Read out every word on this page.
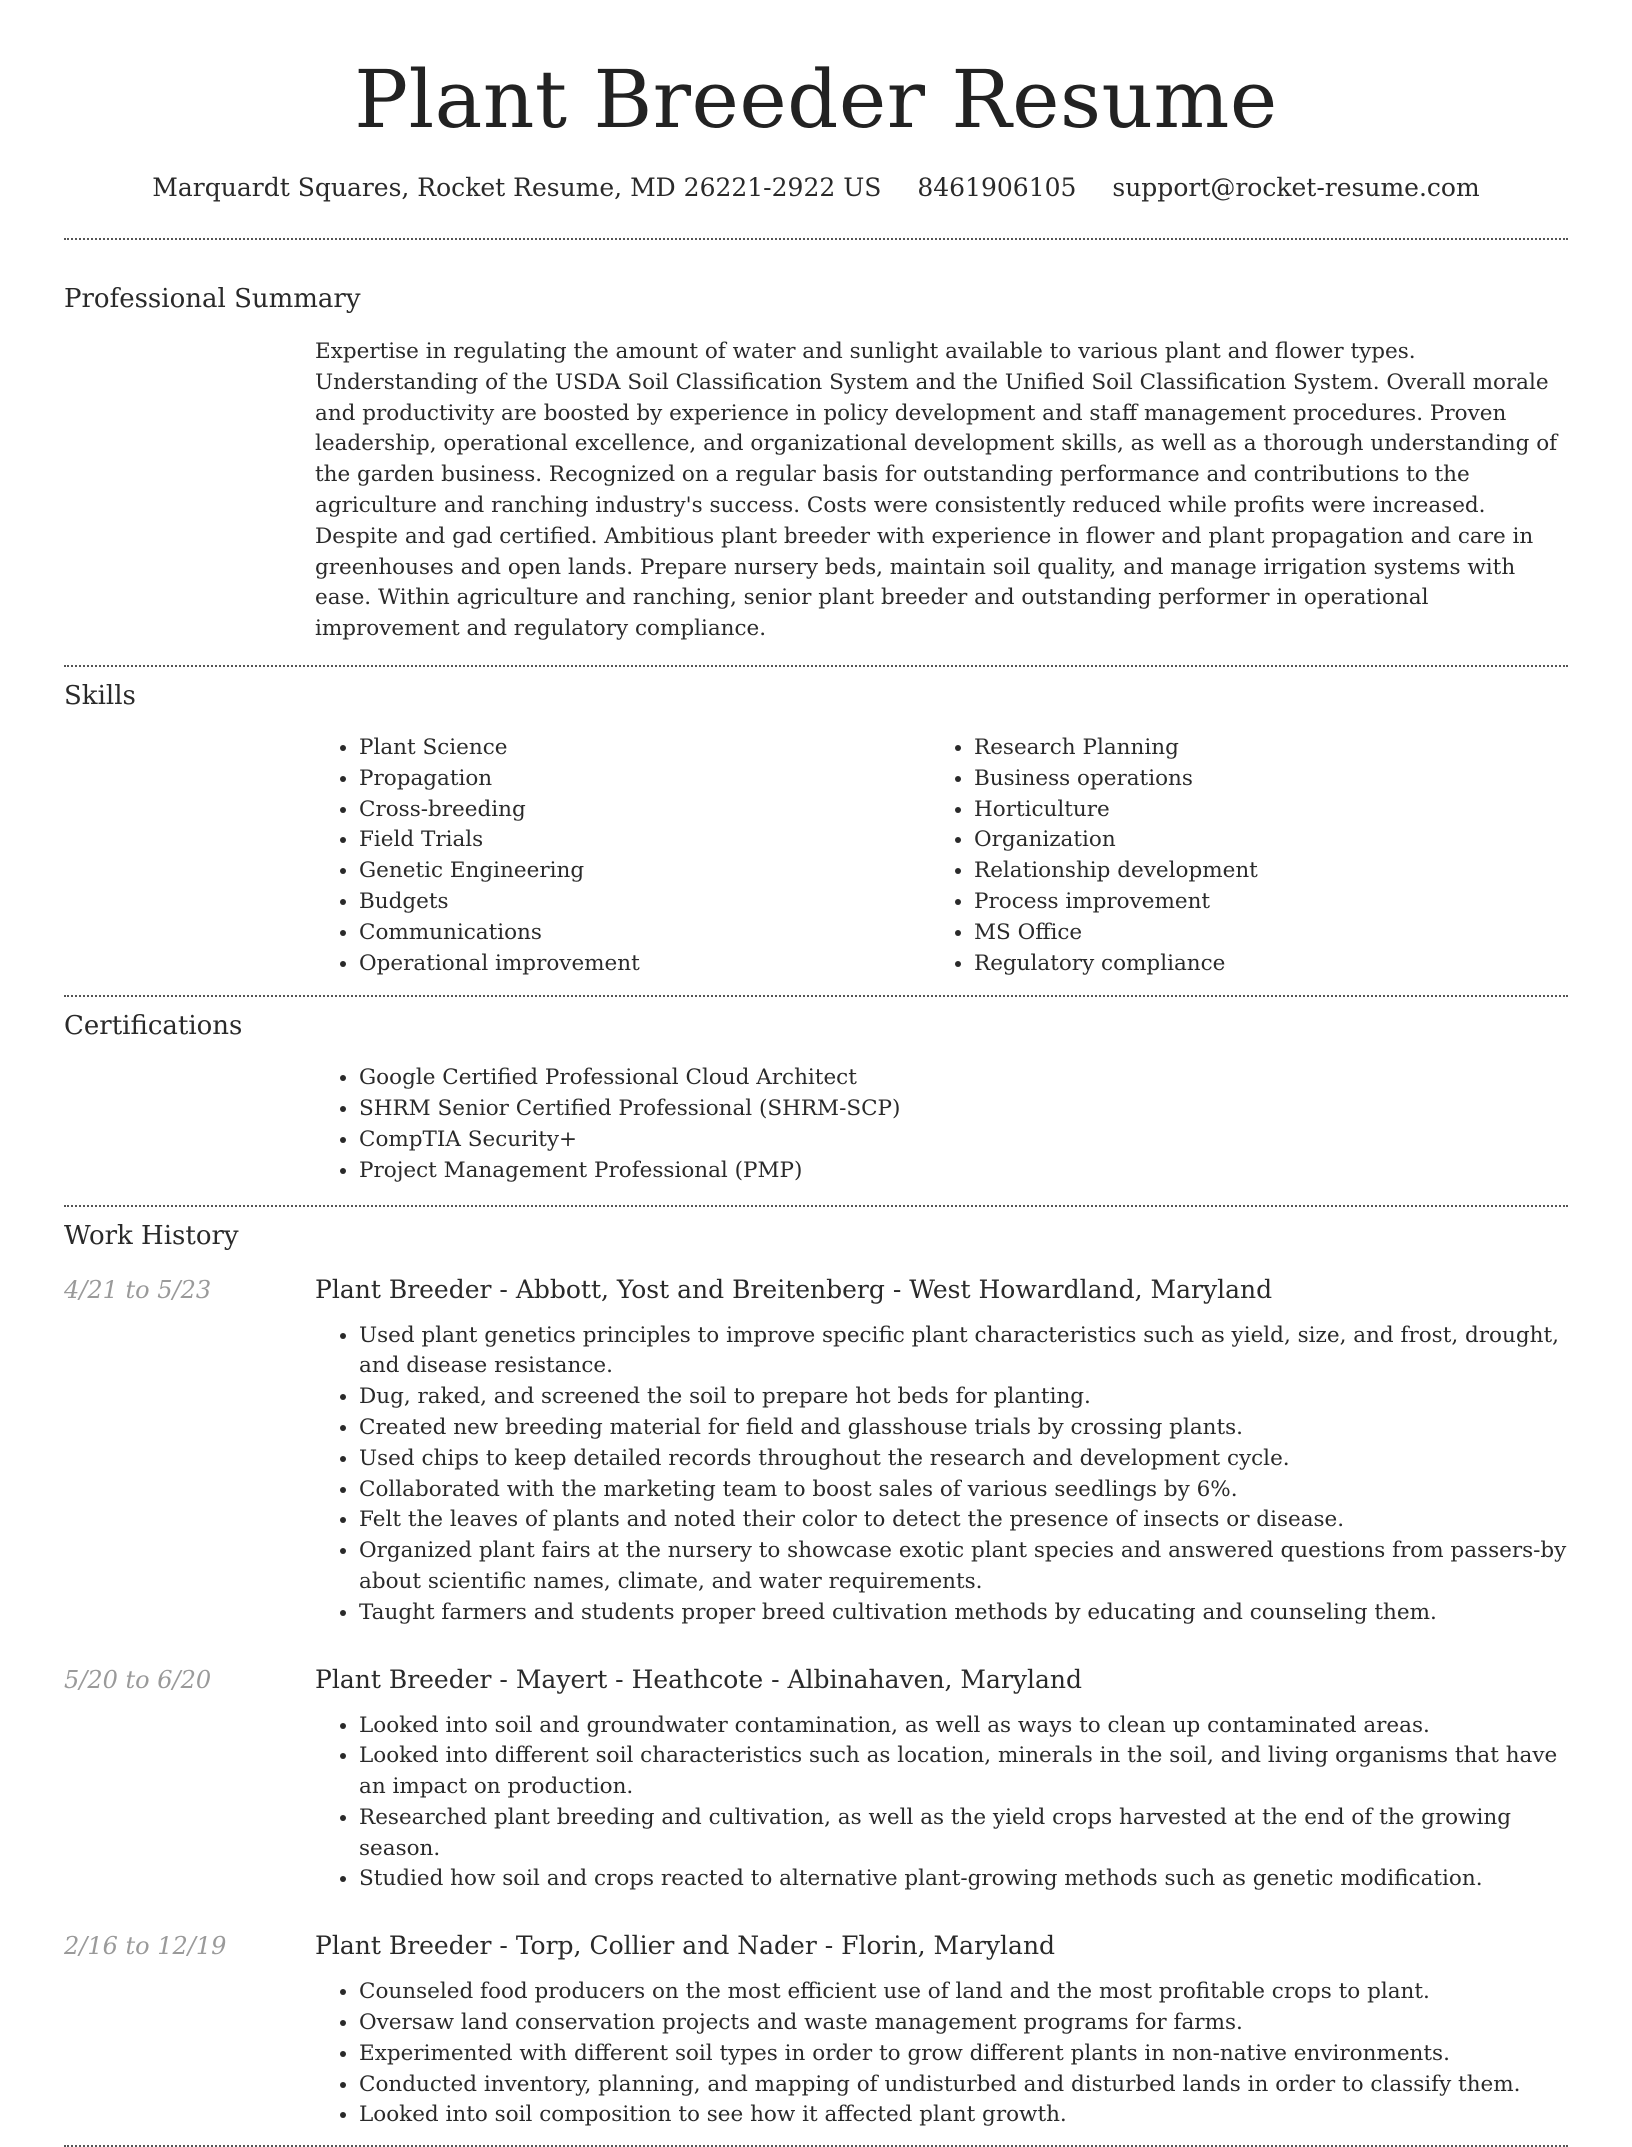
Plant Breeder Resume
Marquardt Squares, Rocket Resume, MD 26221-2922 US 8461906105 support@rocket-resume.com
Professional Summary

Expertise in regulating the amount of water and sunlight available to various plant and flower types. Understanding of the USDA Soil Classification System and the Unified Soil Classification System. Overall morale and productivity are boosted by experience in policy development and staff management procedures. Proven leadership, operational excellence, and organizational development skills, as well as a thorough understanding of the garden business. Recognized on a regular basis for outstanding performance and contributions to the agriculture and ranching industry's success. Costs were consistently reduced while profits were increased. Despite and gad certified. Ambitious plant breeder with experience in flower and plant propagation and care in greenhouses and open lands. Prepare nursery beds, maintain soil quality, and manage irrigation systems with ease. Within agriculture and ranching, senior plant breeder and outstanding performer in operational improvement and regulatory compliance.

Skills
• Plant Science
• Propagation
• Cross-breeding
• Field Trials
• Genetic Engineering
• Budgets
• Communications
• Operational improvement
• Research Planning
• Business operations
• Horticulture
• Organization
• Relationship development
• Process improvement
• MS Office
• Regulatory compliance
Certifications
• Google Certified Professional Cloud Architect
• SHRM Senior Certified Professional (SHRM-SCP)
• CompTIA Security+
• Project Management Professional (PMP)
Work History
4/21 to 5/23	Plant Breeder - Abbott, Yost and Breitenberg - West Howardland, Maryland
• Used plant genetics principles to improve specific plant characteristics such as yield, size, and frost, drought, and disease resistance.
• Dug, raked, and screened the soil to prepare hot beds for planting.
• Created new breeding material for field and glasshouse trials by crossing plants.
• Used chips to keep detailed records throughout the research and development cycle.
• Collaborated with the marketing team to boost sales of various seedlings by 6%.
• Felt the leaves of plants and noted their color to detect the presence of insects or disease.
• Organized plant fairs at the nursery to showcase exotic plant species and answered questions from passers-by about scientific names, climate, and water requirements.
• Taught farmers and students proper breed cultivation methods by educating and counseling them.
5/20 to 6/20	Plant Breeder - Mayert - Heathcote - Albinahaven, Maryland
• Looked into soil and groundwater contamination, as well as ways to clean up contaminated areas.
• Looked into different soil characteristics such as location, minerals in the soil, and living organisms that have an impact on production.
• Researched plant breeding and cultivation, as well as the yield crops harvested at the end of the growing season.
• Studied how soil and crops reacted to alternative plant-growing methods such as genetic modification.
2/16 to 12/19	Plant Breeder - Torp, Collier and Nader - Florin, Maryland
• Counseled food producers on the most efficient use of land and the most profitable crops to plant.
• Oversaw land conservation projects and waste management programs for farms.
• Experimented with different soil types in order to grow different plants in non-native environments.
• Conducted inventory, planning, and mapping of undisturbed and disturbed lands in order to classify them.
• Looked into soil composition to see how it affected plant growth.
